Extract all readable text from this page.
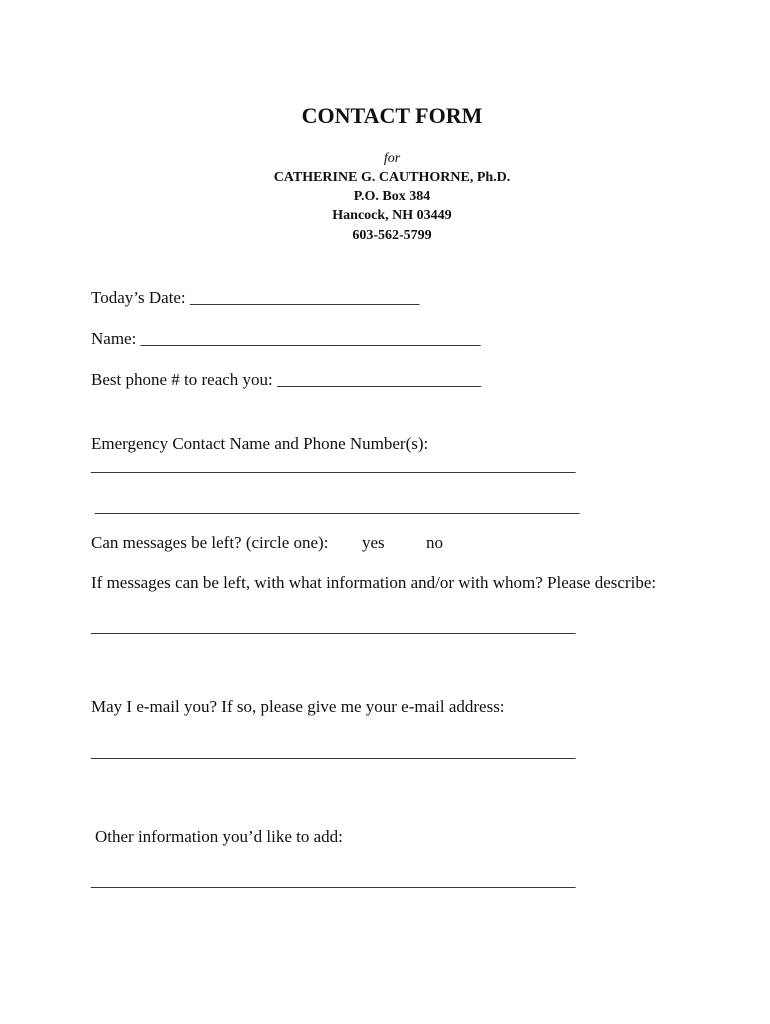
CONTACT FORM
for
CATHERINE G. CAUTHORNE, Ph.D.
P.O. Box 384
Hancock, NH 03449
603-562-5799
Today’s Date: ___________________________
Name: ________________________________________
Best phone # to reach you: ________________________
Emergency Contact Name and Phone Number(s):
_________________________________________________________
_________________________________________________________
Can messages be left? (circle one): yes no
If messages can be left, with what information and/or with whom? Please describe:
_________________________________________________________
May I e-mail you? If so, please give me your e-mail address:
_________________________________________________________
Other information you’d like to add:
_________________________________________________________
